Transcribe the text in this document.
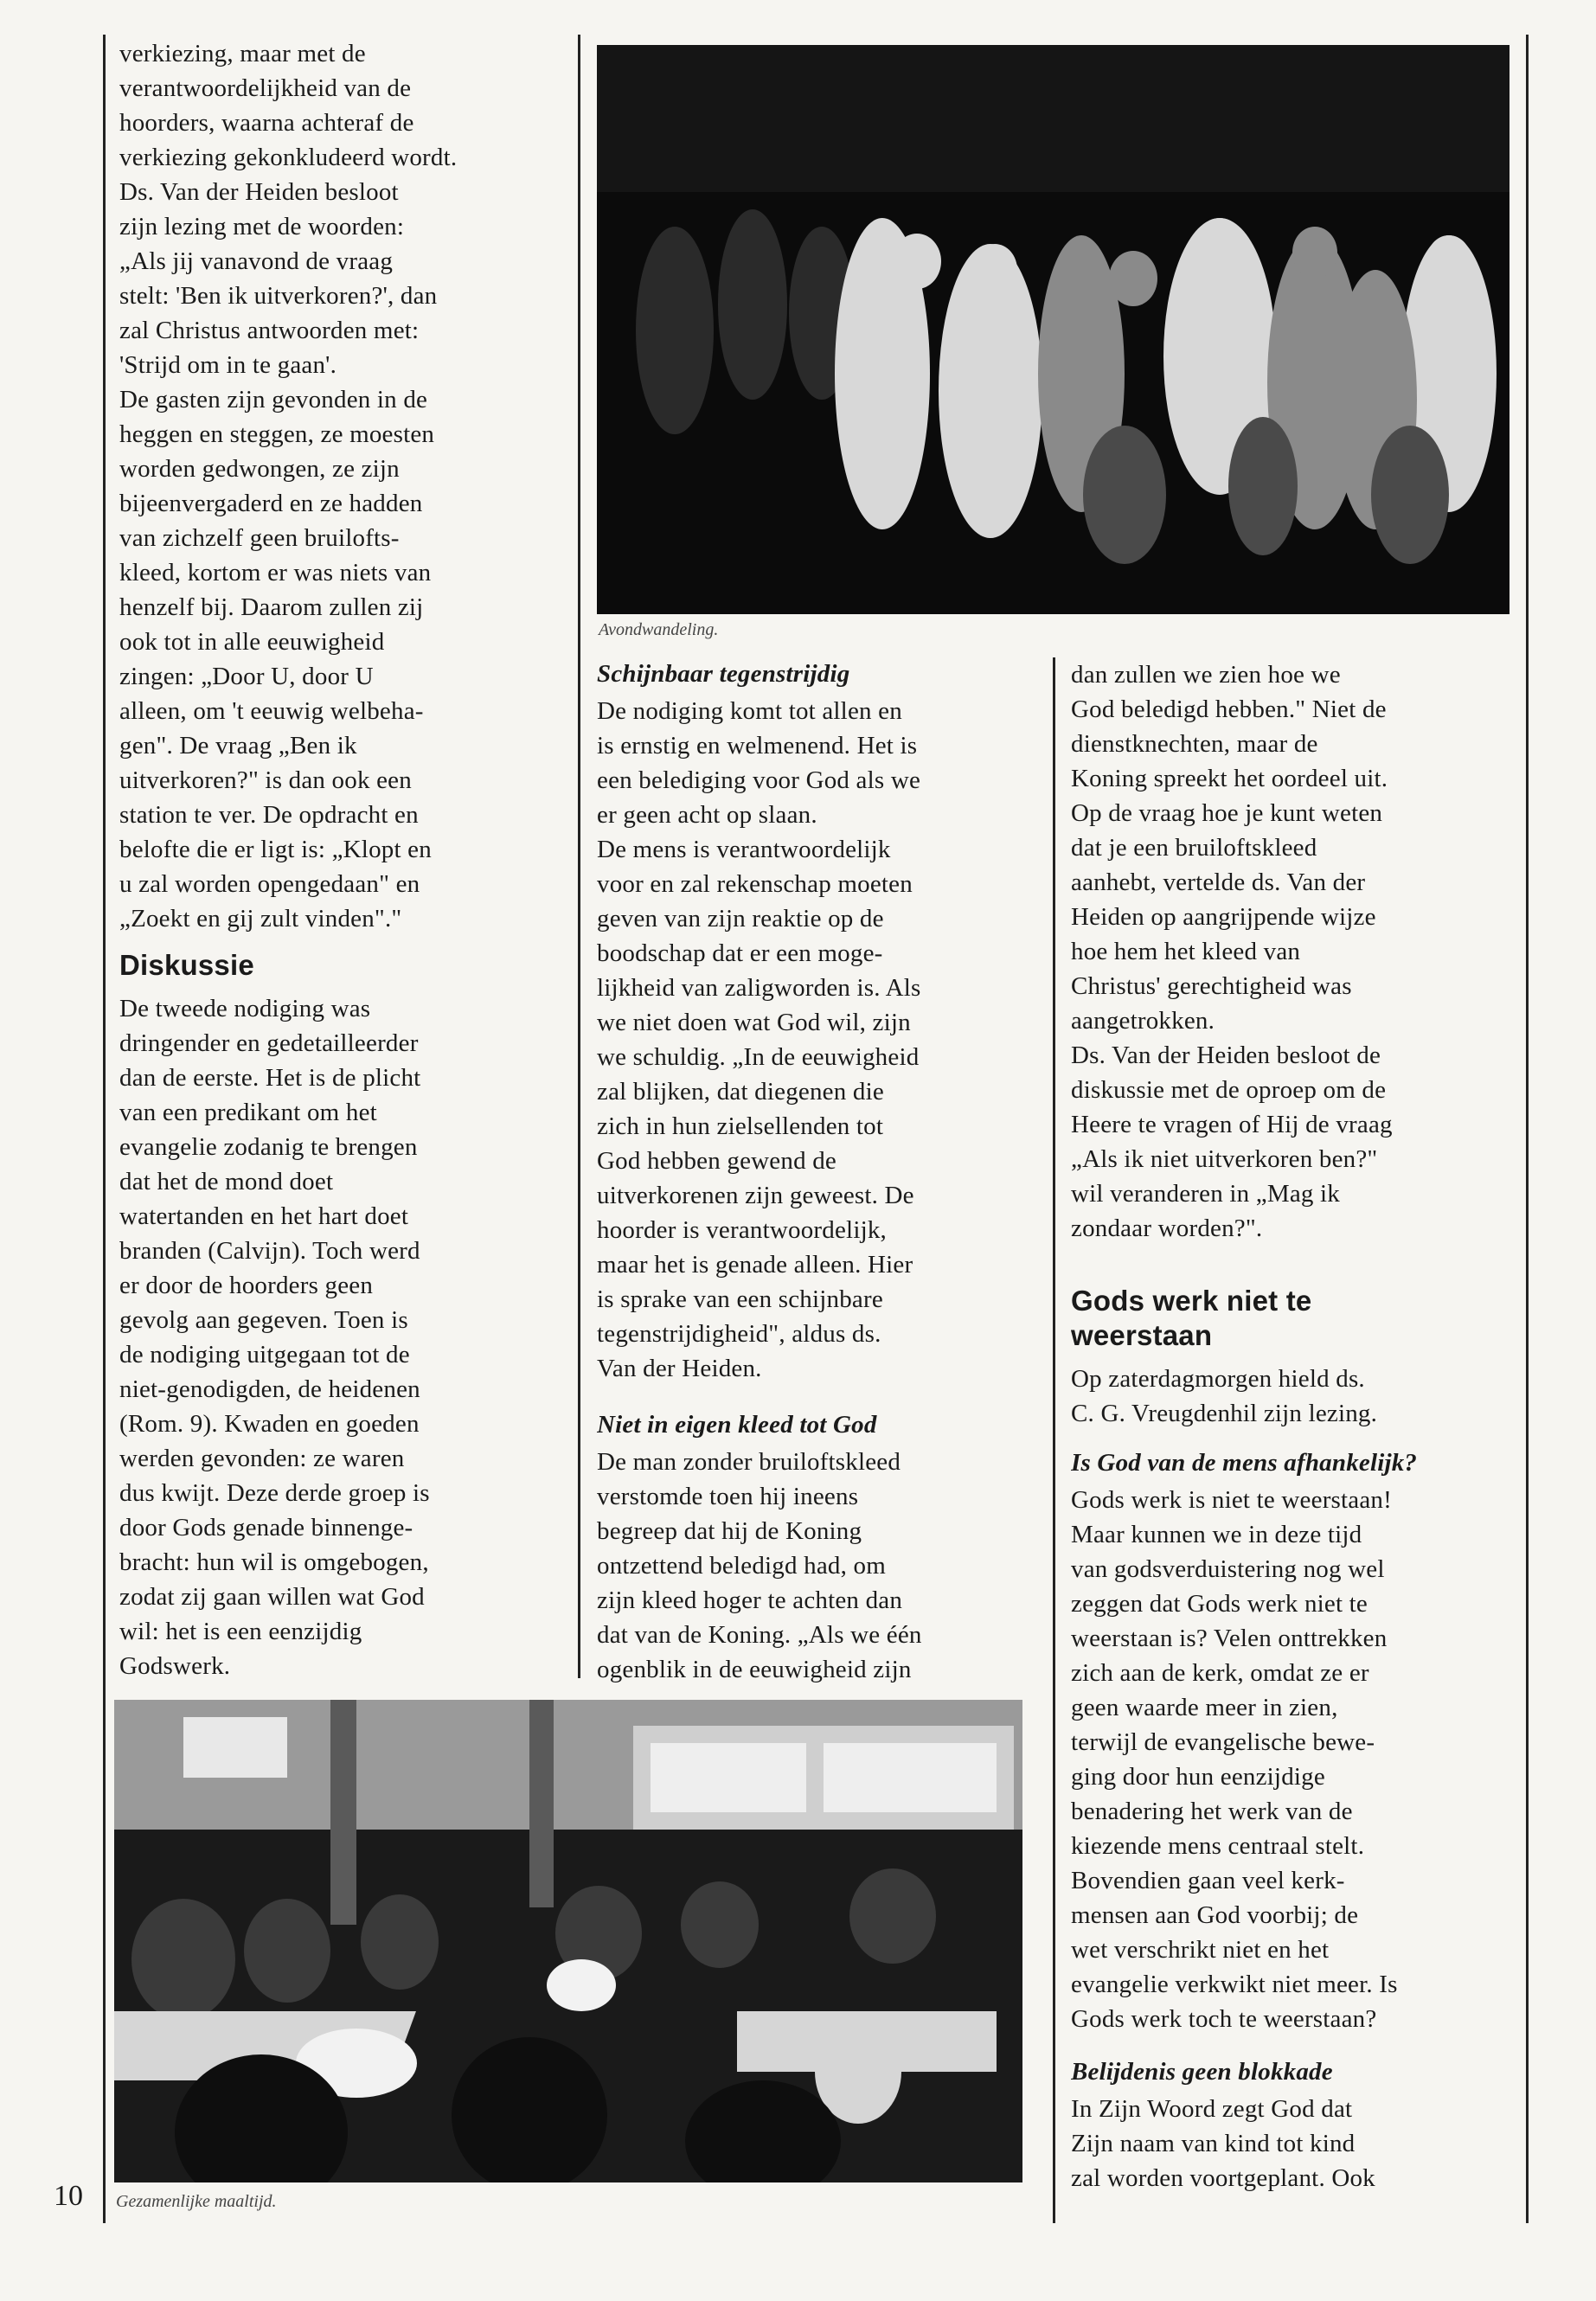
verkiezing, maar met de
verantwoordelijkheid van de
hoorders, waarna achteraf de
verkiezing gekonkludeerd wordt.
Ds. Van der Heiden besloot
zijn lezing met de woorden:
„Als jij vanavond de vraag
stelt: 'Ben ik uitverkoren?', dan
zal Christus antwoorden met:
'Strijd om in te gaan'.

De gasten zijn gevonden in de
heggen en steggen, ze moesten
worden gedwongen, ze zijn
bijeenvergaderd en ze hadden
van zichzelf geen bruilofts-
kleed, kortom er was niets van
henzelf bij. Daarom zullen zij
ook tot in alle eeuwigheid
zingen: „Door U, door U
alleen, om 't eeuwig welbeha-
gen". De vraag „Ben ik
uitverkoren?" is dan ook een
station te ver. De opdracht en
belofte die er ligt is: „Klopt en
u zal worden opengedaan" en
„Zoekt en gij zult vinden"."

Diskussie

De tweede nodiging was
dringender en gedetailleerder
dan de eerste. Het is de plicht
van een predikant om het
evangelie zodanig te brengen
dat het de mond doet
watertanden en het hart doet
branden (Calvijn). Toch werd
er door de hoorders geen
gevolg aan gegeven. Toen is
de nodiging uitgegaan tot de
niet-genodigden, de heidenen
(Rom. 9). Kwaden en goeden
werden gevonden: ze waren
dus kwijt. Deze derde groep is
door Gods genade binnenge-
bracht: hun wil is omgebogen,
zodat zij gaan willen wat God
wil: het is een eenzijdig
Godswerk.

Avondwandeling.
Schijnbaar tegenstrijdig

De nodiging komt tot allen en
is ernstig en welmenend. Het is
een belediging voor God als we
er geen acht op slaan.

De mens is verantwoordelijk
voor en zal rekenschap moeten
geven van zijn reaktie op de
boodschap dat er een moge-
lijkheid van zaligworden is. Als
we niet doen wat God wil, zijn
we schuldig. „In de eeuwigheid
zal blijken, dat diegenen die
zich in hun zielsellenden tot
God hebben gewend de
uitverkorenen zijn geweest. De
hoorder is verantwoordelijk,
maar het is genade alleen. Hier
is sprake van een schijnbare
tegenstrijdigheid", aldus ds.
Van der Heiden.

Niet in eigen kleed tot God

De man zonder bruiloftskleed
verstomde toen hij ineens
begreep dat hij de Koning
ontzettend beledigd had, om
zijn kleed hoger te achten dan
dat van de Koning. „Als we één
ogenblik in de eeuwigheid zijn

dan zullen we zien hoe we
God beledigd hebben." Niet de
dienstknechten, maar de
Koning spreekt het oordeel uit.
Op de vraag hoe je kunt weten
dat je een bruiloftskleed
aanhebt, vertelde ds. Van der
Heiden op aangrijpende wijze
hoe hem het kleed van
Christus' gerechtigheid was
aangetrokken.

Ds. Van der Heiden besloot de
diskussie met de oproep om de
Heere te vragen of Hij de vraag
„Als ik niet uitverkoren ben?"
wil veranderen in „Mag ik
zondaar worden?".

Gods werk niet te
weerstaan

Op zaterdagmorgen hield ds.
C. G. Vreugdenhil zijn lezing.

Is God van de mens afhankelijk?

Gods werk is niet te weerstaan!
Maar kunnen we in deze tijd
van godsverduistering nog wel
zeggen dat Gods werk niet te
weerstaan is? Velen onttrekken
zich aan de kerk, omdat ze er
geen waarde meer in zien,
terwijl de evangelische bewe-
ging door hun eenzijdige
benadering het werk van de
kiezende mens centraal stelt.
Bovendien gaan veel kerk-
mensen aan God voorbij; de
wet verschrikt niet en het
evangelie verkwikt niet meer. Is
Gods werk toch te weerstaan?

Belijdenis geen blokkade

In Zijn Woord zegt God dat
Zijn naam van kind tot kind
zal worden voortgeplant. Ook

Gezamenlijke maaltijd.
10
